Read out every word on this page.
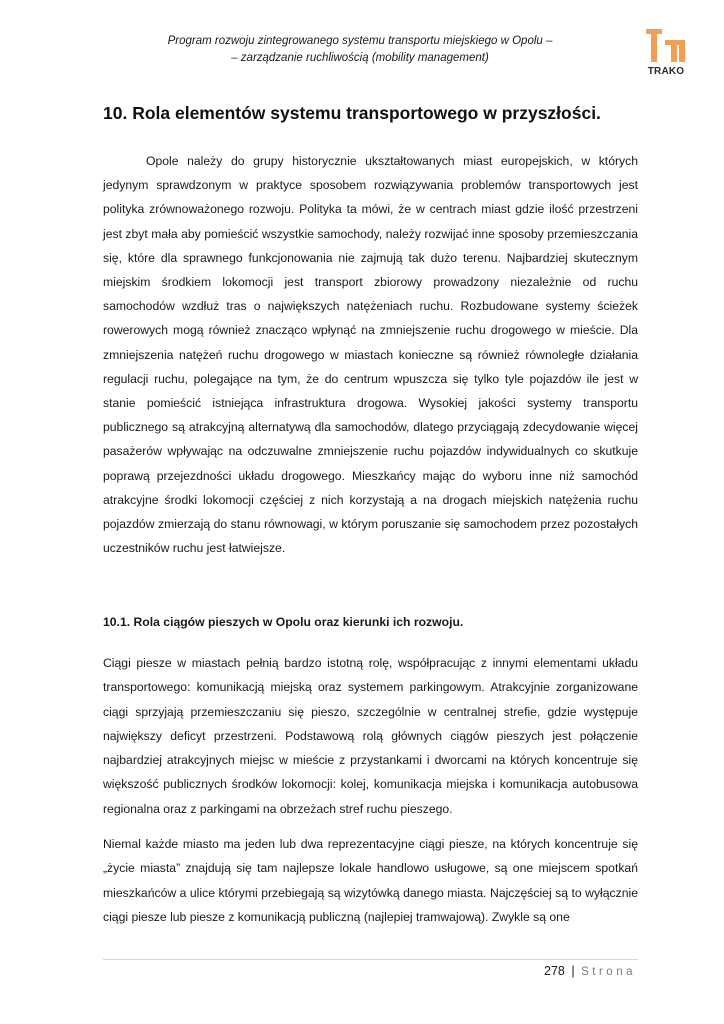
Program rozwoju zintegrowanego systemu transportu miejskiego w Opolu –
– zarządzanie ruchliwością (mobility management)
TRAKO
10. Rola elementów systemu transportowego w przyszłości.

Opole należy do grupy historycznie ukształtowanych miast europejskich, w których jedynym sprawdzonym w praktyce sposobem rozwiązywania problemów transportowych jest polityka zrównoważonego rozwoju. Polityka ta mówi, że w centrach miast gdzie ilość przestrzeni jest zbyt mała aby pomieścić wszystkie samochody, należy rozwijać inne sposoby przemieszczania się, które dla sprawnego funkcjonowania nie zajmują tak dużo terenu. Najbardziej skutecznym miejskim środkiem lokomocji jest transport zbiorowy prowadzony niezależnie od ruchu samochodów wzdłuż tras o największych natężeniach ruchu. Rozbudowane systemy ścieżek rowerowych mogą również znacząco wpłynąć na zmniejszenie ruchu drogowego w mieście. Dla zmniejszenia natężeń ruchu drogowego w miastach konieczne są również równoległe działania regulacji ruchu, polegające na tym, że do centrum wpuszcza się tylko tyle pojazdów ile jest w stanie pomieścić istniejąca infrastruktura drogowa. Wysokiej jakości systemy transportu publicznego są atrakcyjną alternatywą dla samochodów, dlatego przyciągają zdecydowanie więcej pasażerów wpływając na odczuwalne zmniejszenie ruchu pojazdów indywidualnych co skutkuje poprawą przejezdności układu drogowego. Mieszkańcy mając do wyboru inne niż samochód atrakcyjne środki lokomocji częściej z nich korzystają a na drogach miejskich natężenia ruchu pojazdów zmierzają do stanu równowagi, w którym poruszanie się samochodem przez pozostałych uczestników ruchu jest łatwiejsze.

10.1. Rola ciągów pieszych w Opolu oraz kierunki ich rozwoju.

Ciągi piesze w miastach pełnią bardzo istotną rolę, współpracując z innymi elementami układu transportowego: komunikacją miejską oraz systemem parkingowym. Atrakcyjnie zorganizowane ciągi sprzyjają przemieszczaniu się pieszo, szczególnie w centralnej strefie, gdzie występuje największy deficyt przestrzeni. Podstawową rolą głównych ciągów pieszych jest połączenie najbardziej atrakcyjnych miejsc w mieście z przystankami i dworcami na których koncentruje się większość publicznych środków lokomocji: kolej, komunikacja miejska i komunikacja autobusowa regionalna oraz z parkingami na obrzeżach stref ruchu pieszego.

Niemal każde miasto ma jeden lub dwa reprezentacyjne ciągi piesze, na których koncentruje się „życie miasta” znajdują się tam najlepsze lokale handlowo usługowe, są one miejscem spotkań mieszkańców a ulice którymi przebiegają są wizytówką danego miasta. Najczęściej są to wyłącznie ciągi piesze lub piesze z komunikacją publiczną (najlepiej tramwajową). Zwykle są one

278 | Strona
